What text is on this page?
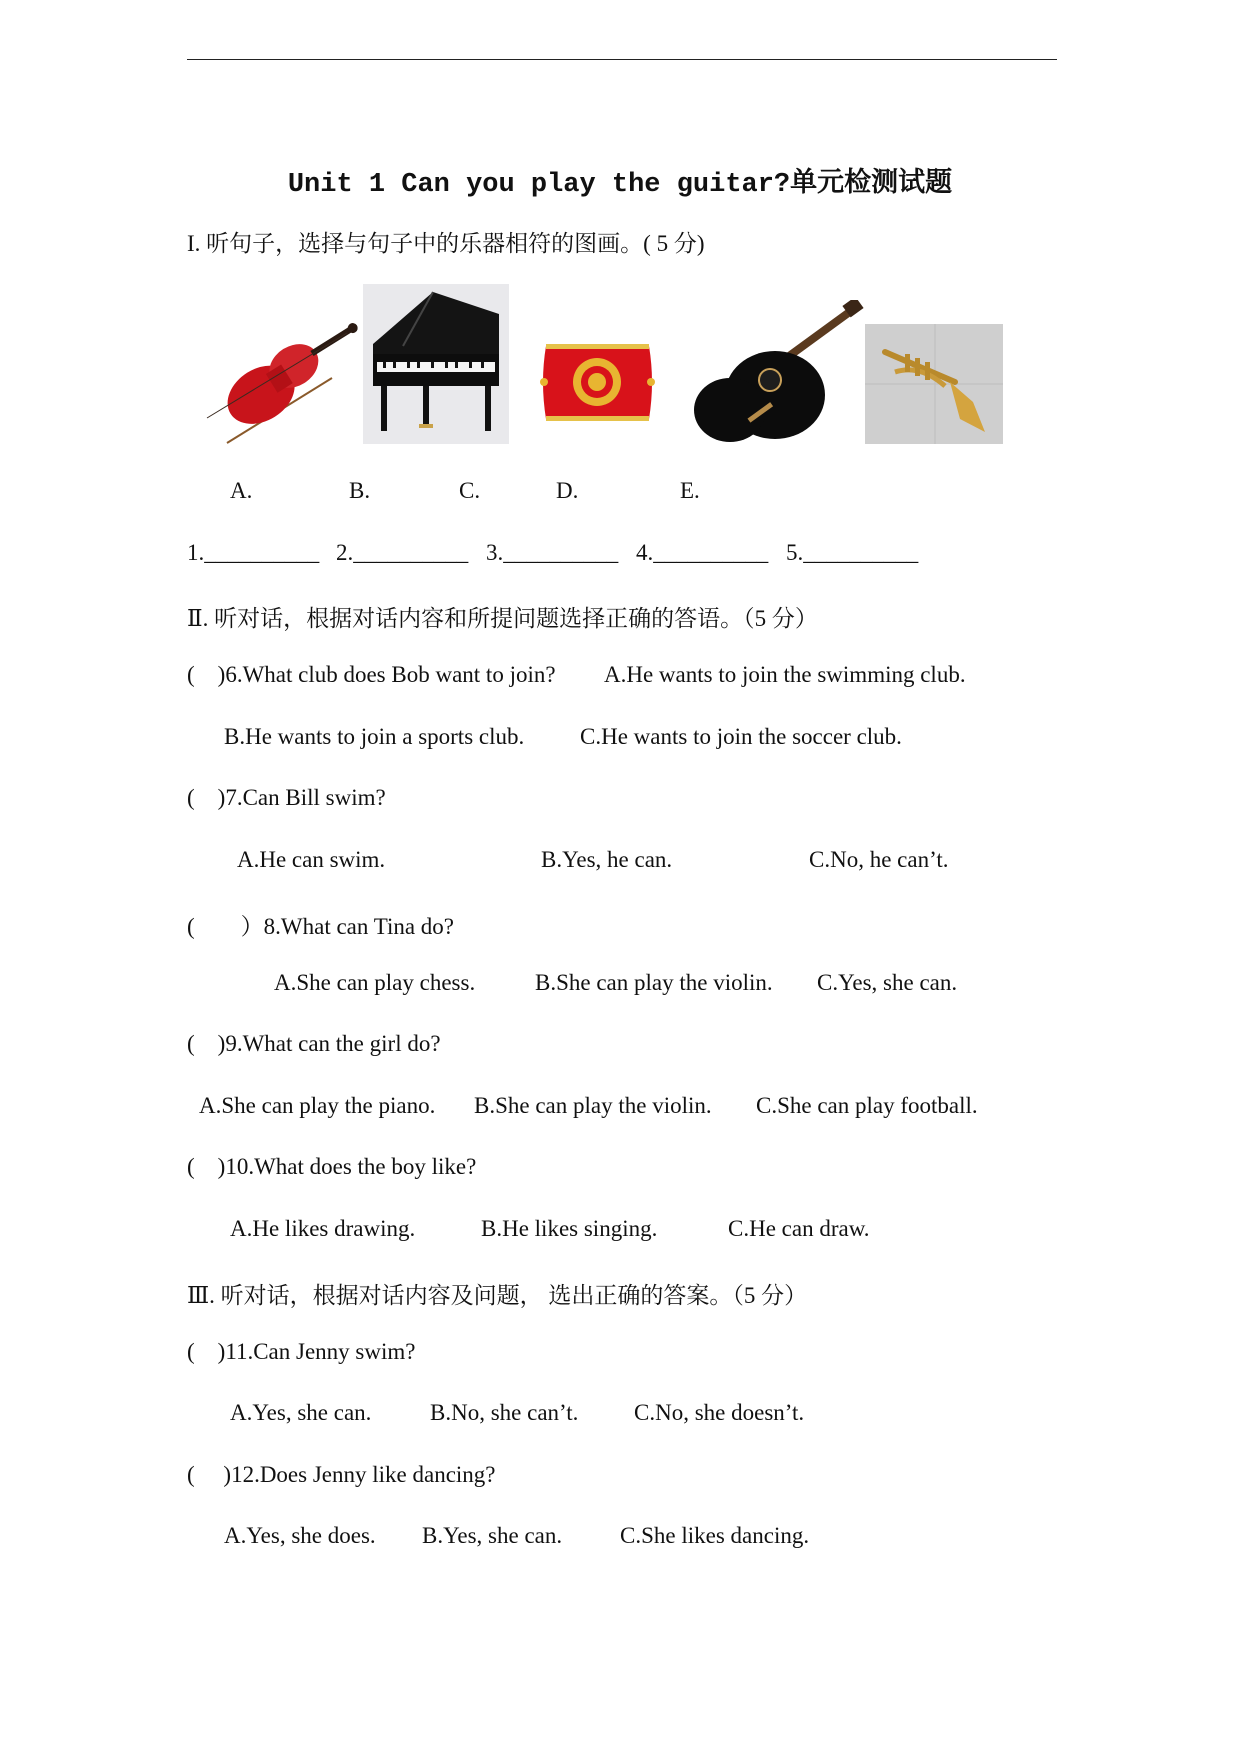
Unit 1 Can you play the guitar?单元检测试题
I. 听句子，选择与句子中的乐器相符的图画。( 5 分)
A.	B.	C.	D.	E.
1.__________ 2.__________ 3.__________ 4.__________ 5.__________
Ⅱ. 听对话，根据对话内容和所提问题选择正确的答语。（5 分）
(    )6.What club does Bob want to join? A.He wants to join the swimming club.
B.He wants to join a sports club. C.He wants to join the soccer club.
(    )7.Can Bill swim?
A.He can swim.	B.Yes, he can.	C.No, he can’t.
(        ）8.What can Tina do?
A.She can play chess.	B.She can play the violin. C.Yes, she can.
(    )9.What can the girl do?
A.She can play the piano. B.She can play the violin. C.She can play football.
(    )10.What does the boy like?
A.He likes drawing.	B.He likes singing.	C.He can draw.
Ⅲ. 听对话，根据对话内容及问题， 选出正确的答案。（5 分）
(    )11.Can Jenny swim?
A.Yes, she can.	B.No, she can’t. C.No, she doesn’t.
(     )12.Does Jenny like dancing?
A.Yes, she does. B.Yes, she can.	C.She likes dancing.
